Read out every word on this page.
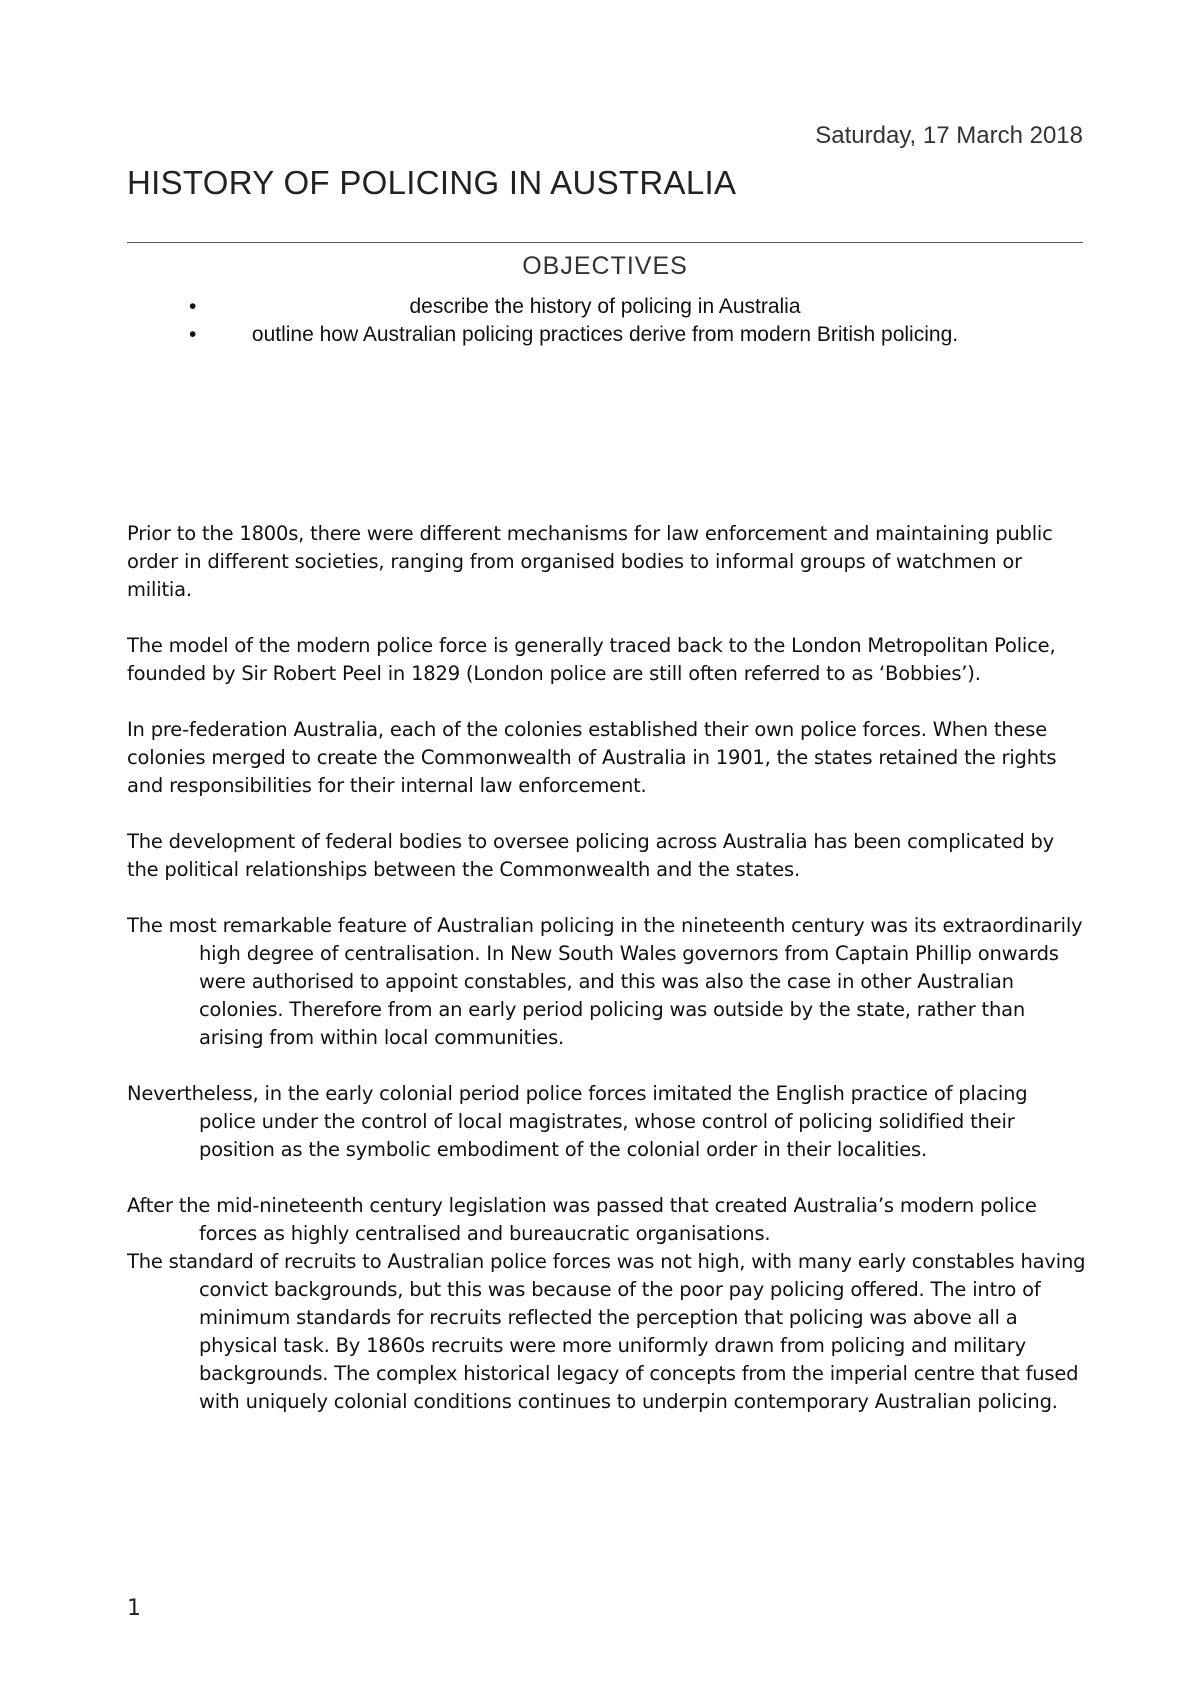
Saturday, 17 March 2018
HISTORY OF POLICING IN AUSTRALIA
OBJECTIVES
•	describe the history of policing in Australia
•	outline how Australian policing practices derive from modern British policing.

Prior to the 1800s, there were different mechanisms for law enforcement and maintaining public order in different societies, ranging from organised bodies to informal groups of watchmen or militia.

The model of the modern police force is generally traced back to the London Metropolitan Police, founded by Sir Robert Peel in 1829 (London police are still often referred to as ‘Bobbies’).

In pre-federation Australia, each of the colonies established their own police forces. When these colonies merged to create the Commonwealth of Australia in 1901, the states retained the rights and responsibilities for their internal law enforcement.

The development of federal bodies to oversee policing across Australia has been complicated by the political relationships between the Commonwealth and the states.

The most remarkable feature of Australian policing in the nineteenth century was its extraordinarily high degree of centralisation. In New South Wales governors from Captain Phillip onwards were authorised to appoint constables, and this was also the case in other Australian colonies. Therefore from an early period policing was outside by the state, rather than arising from within local communities.

Nevertheless, in the early colonial period police forces imitated the English practice of placing police under the control of local magistrates, whose control of policing solidified their position as the symbolic embodiment of the colonial order in their localities.

After the mid-nineteenth century legislation was passed that created Australia’s modern police forces as highly centralised and bureaucratic organisations.

The standard of recruits to Australian police forces was not high, with many early constables having convict backgrounds, but this was because of the poor pay policing offered. The intro of minimum standards for recruits reflected the perception that policing was above all a physical task. By 1860s recruits were more uniformly drawn from policing and military backgrounds. The complex historical legacy of concepts from the imperial centre that fused with uniquely colonial conditions continues to underpin contemporary Australian policing.

1
